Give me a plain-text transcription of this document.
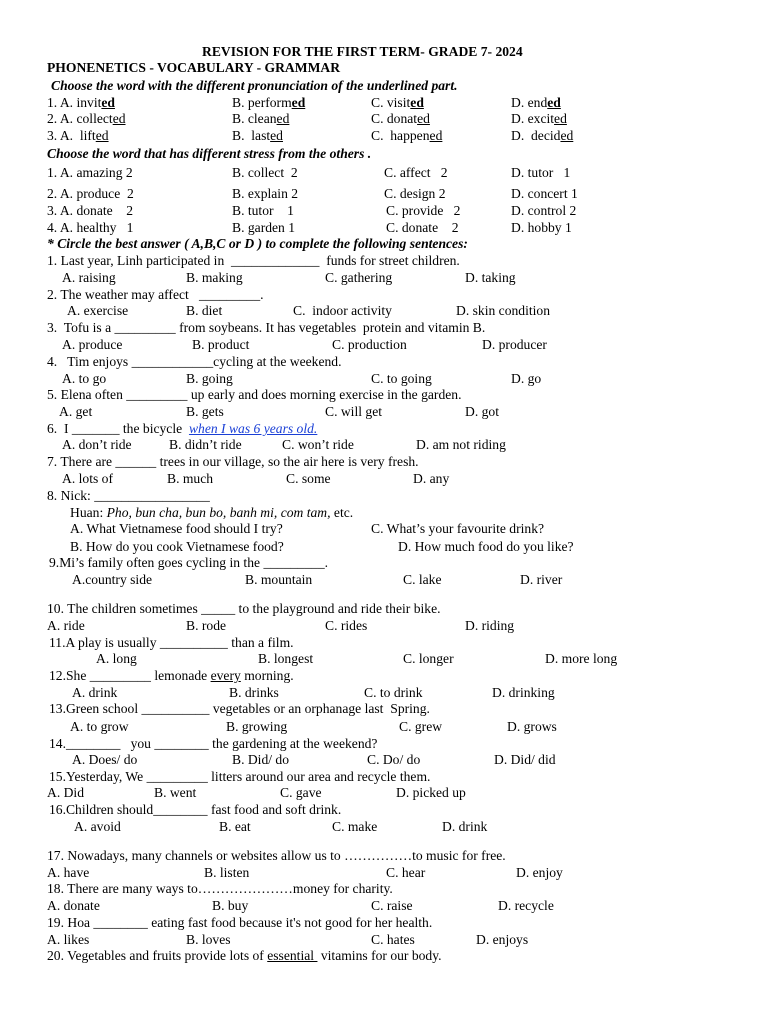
REVISION FOR THE FIRST TERM- GRADE 7- 2024
PHONENETICS - VOCABULARY - GRAMMAR
Choose the word with the different pronunciation of the underlined part.
1. A. invited	B. performed	C. visited	D. ended
2. A. collected	B. cleaned	C. donated	D. excited
3. A.  lifted	B.  lasted	C.  happened	D.  decided
Choose the word that has different stress from the others .
1. A. amazing 2	B. collect  2	C. affect   2	D. tutor   1
2. A. produce  2	B. explain 2	C. design 2	D. concert 1
3. A. donate    2	B. tutor    1	C. provide   2	D. control 2
4. A. healthy   1	B. garden 1	C. donate    2	D. hobby 1
* Circle the best answer ( A,B,C or D ) to complete the following sentences:
1. Last year, Linh participated in  _____________  funds for street children.
A. raising	B. making	C. gathering	D. taking
2. The weather may affect   _________.
A. exercise	B. diet	C.  indoor activity	D. skin condition
3.  Tofu is a _________ from soybeans. It has vegetables  protein and vitamin B.
A. produce	B. product	C. production	D. producer
4.   Tim enjoys ____________cycling at the weekend.
A. to go	B. going	C. to going	D. go
5. Elena often _________ up early and does morning exercise in the garden.
A. get	B. gets	C. will get	D. got
6.  I _______ the bicycle  when I was 6 years old.
A. don’t ride	B. didn’t ride	C. won’t ride	D. am not riding
7. There are ______ trees in our village, so the air here is very fresh.
A. lots of	B. much	C. some	D. any
8. Nick: _________________
Huan: Pho, bun cha, bun bo, banh mi, com tam, etc.
A. What Vietnamese food should I try?	C. What’s your favourite drink?
B. How do you cook Vietnamese food?	D. How much food do you like?
9.Mi’s family often goes cycling in the _________.
A.country side	B. mountain	C. lake	D. river
10. The children sometimes _____ to the playground and ride their bike.
A. ride	B. rode	C. rides	D. riding
11.A play is usually __________ than a film.
A. long	B. longest	C. longer	D. more long
12.She _________ lemonade every morning.
A. drink	B. drinks	C. to drink	D. drinking
13.Green school __________ vegetables or an orphanage last  Spring.
A. to grow	B. growing	C. grew	D. grows
14.________   you ________ the gardening at the weekend?
A. Does/ do	B. Did/ do	C. Do/ do	D. Did/ did
15.Yesterday, We _________ litters around our area and recycle them.
A. Did	B. went	C. gave	D. picked up
16.Children should________ fast food and soft drink.
A. avoid	B. eat	C. make	D. drink
17. Nowadays, many channels or websites allow us to ……………to music for free.
A. have	B. listen	C. hear	D. enjoy
18. There are many ways to…………………money for charity.
A. donate	B. buy	C. raise	D. recycle
19. Hoa ________ eating fast food because it's not good for her health.
A. likes	B. loves	C. hates	D. enjoys
20. Vegetables and fruits provide lots of essential  vitamins for our body.
